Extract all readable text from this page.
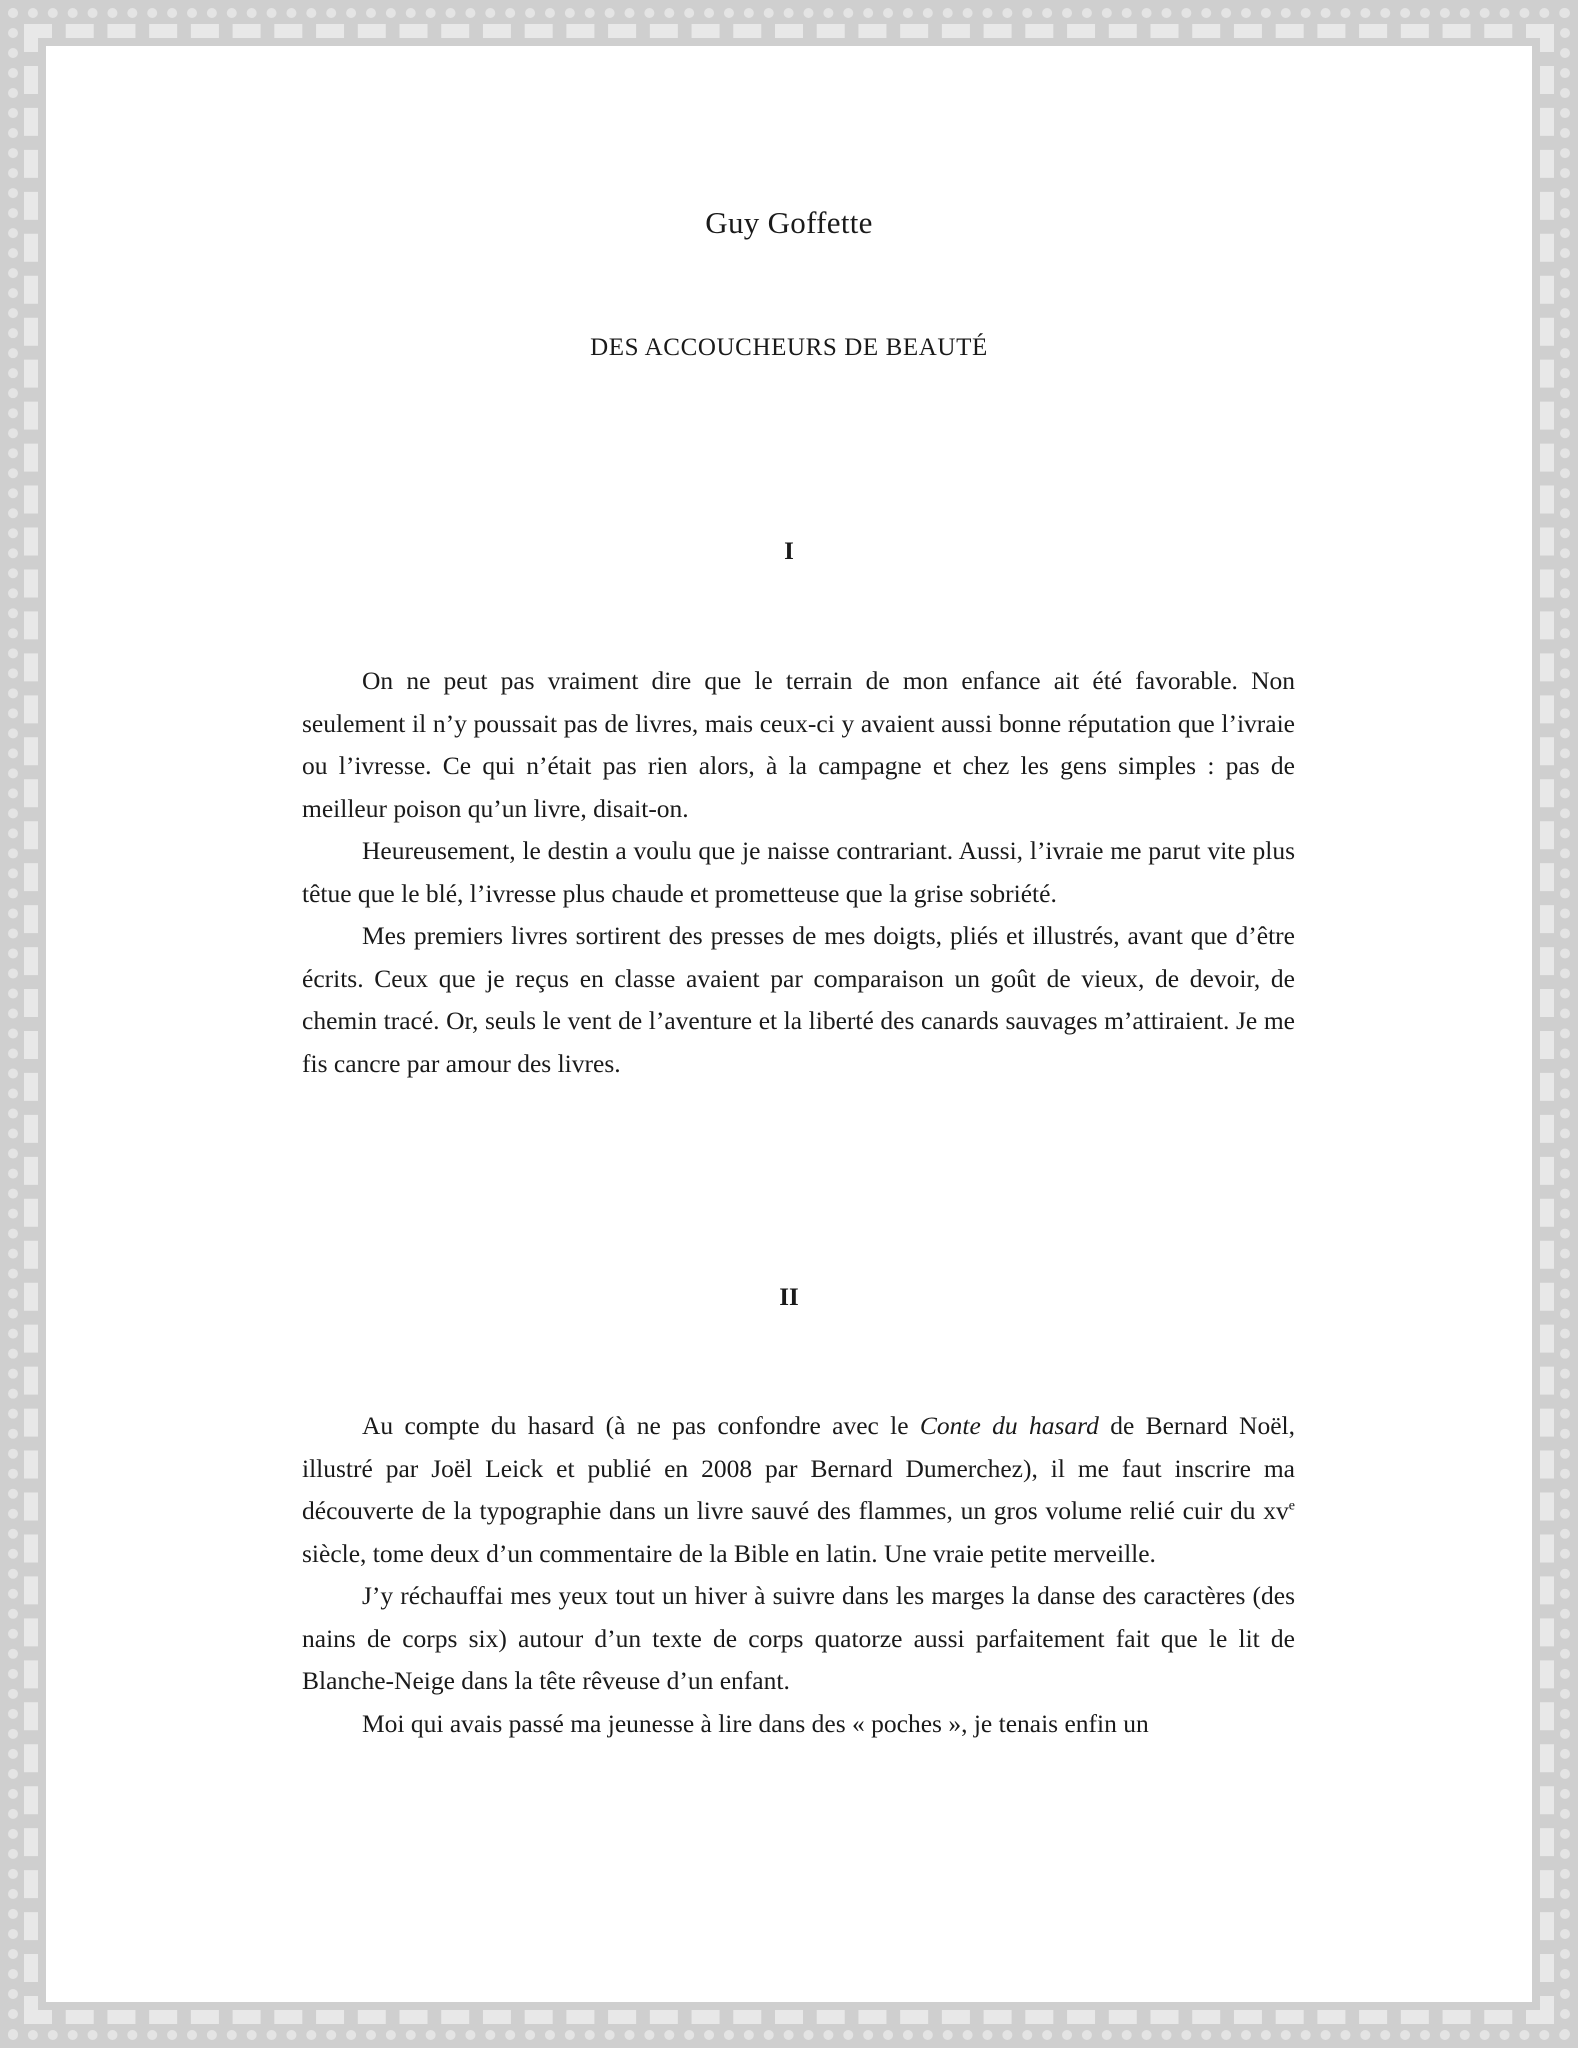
Guy Goffette
DES ACCOUCHEURS DE BEAUTÉ
I

On ne peut pas vraiment dire que le terrain de mon enfance ait été favorable. Non seulement il n’y poussait pas de livres, mais ceux-ci y avaient aussi bonne réputation que l’ivraie ou l’ivresse. Ce qui n’était pas rien alors, à la campagne et chez les gens simples : pas de meilleur poison qu’un livre, disait-on.

Heureusement, le destin a voulu que je naisse contrariant. Aussi, l’ivraie me parut vite plus têtue que le blé, l’ivresse plus chaude et prometteuse que la grise sobriété.

Mes premiers livres sortirent des presses de mes doigts, pliés et illustrés, avant que d’être écrits. Ceux que je reçus en classe avaient par comparaison un goût de vieux, de devoir, de chemin tracé. Or, seuls le vent de l’aventure et la liberté des canards sauvages m’attiraient. Je me fis cancre par amour des livres.

II

Au compte du hasard (à ne pas confondre avec le Conte du hasard de Bernard Noël, illustré par Joël Leick et publié en 2008 par Bernard Dumerchez), il me faut inscrire ma découverte de la typographie dans un livre sauvé des flammes, un gros volume relié cuir du $xv^e$ siècle, tome deux d’un commentaire de la Bible en latin. Une vraie petite merveille.

J’y réchauffai mes yeux tout un hiver à suivre dans les marges la danse des caractères (des nains de corps six) autour d’un texte de corps quatorze aussi parfaitement fait que le lit de Blanche-Neige dans la tête rêveuse d’un enfant.

Moi qui avais passé ma jeunesse à lire dans des « poches », je tenais enfin un
